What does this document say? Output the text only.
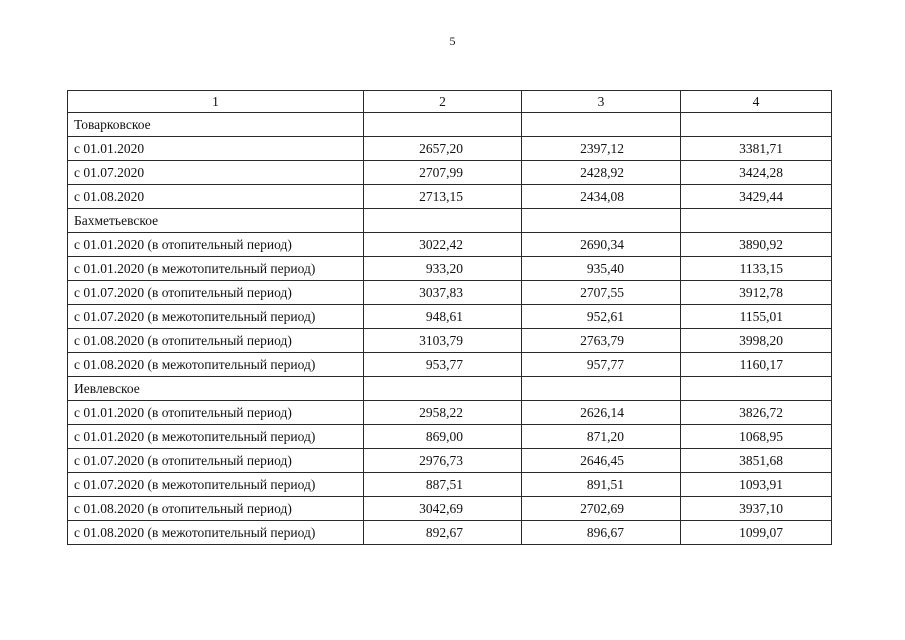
5
1	2	3	4
Товарковское			
с 01.01.2020	2657,20	2397,12	3381,71
с 01.07.2020	2707,99	2428,92	3424,28
с 01.08.2020	2713,15	2434,08	3429,44
Бахметьевское			
с 01.01.2020 (в отопительный период)	3022,42	2690,34	3890,92
с 01.01.2020 (в межотопительный период)	933,20	935,40	1133,15
с 01.07.2020 (в отопительный период)	3037,83	2707,55	3912,78
с 01.07.2020 (в межотопительный период)	948,61	952,61	1155,01
с 01.08.2020 (в отопительный период)	3103,79	2763,79	3998,20
с 01.08.2020 (в межотопительный период)	953,77	957,77	1160,17
Иевлевское			
с 01.01.2020 (в отопительный период)	2958,22	2626,14	3826,72
с 01.01.2020 (в межотопительный период)	869,00	871,20	1068,95
с 01.07.2020 (в отопительный период)	2976,73	2646,45	3851,68
с 01.07.2020 (в межотопительный период)	887,51	891,51	1093,91
с 01.08.2020 (в отопительный период)	3042,69	2702,69	3937,10
с 01.08.2020 (в межотопительный период)	892,67	896,67	1099,07
